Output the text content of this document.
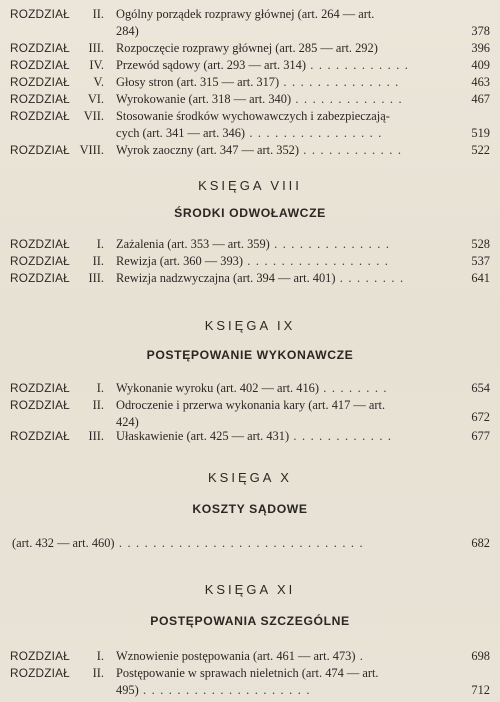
ROZDZIAŁ II. Ogólny porządek rozprawy głównej (art. 264 — art.
284)	378
ROZDZIAŁ III. Rozpoczęcie rozprawy głównej (art. 285 — art. 292)	396
ROZDZIAŁ IV. Przewód sądowy (art. 293 — art. 314) . . . . . . . . . . . .	409
ROZDZIAŁ V. Głosy stron (art. 315 — art. 317) . . . . . . . . . . . . . .	463
ROZDZIAŁ VI. Wyrokowanie (art. 318 — art. 340) . . . . . . . . . . . . .	467
ROZDZIAŁ VII. Stosowanie środków wychowawczych i zabezpieczają-
cych (art. 341 — art. 346) . . . . . . . . . . . . . . . .	519
ROZDZIAŁ VIII. Wyrok zaoczny (art. 347 — art. 352) . . . . . . . . . . . .	522
KSIĘGA VIII
ŚRODKI ODWOŁAWCZE
ROZDZIAŁ I. Zażalenia (art. 353 — art. 359) . . . . . . . . . . . . . .	528
ROZDZIAŁ II. Rewizja (art. 360 — 393) . . . . . . . . . . . . . . . . .	537
ROZDZIAŁ III. Rewizja nadzwyczajna (art. 394 — art. 401) . . . . . . . .	641
KSIĘGA IX
POSTĘPOWANIE WYKONAWCZE
ROZDZIAŁ I. Wykonanie wyroku (art. 402 — art. 416) . . . . . . . .	654
ROZDZIAŁ II. Odroczenie i przerwa wykonania kary (art. 417 — art.
424)	672
ROZDZIAŁ III. Ułaskawienie (art. 425 — art. 431) . . . . . . . . . . . .	677
KSIĘGA X
KOSZTY SĄDOWE
(art. 432 — art. 460) . . . . . . . . . . . . . . . . . . . . . . . . . . . . .	682
KSIĘGA XI
POSTĘPOWANIA SZCZEGÓLNE
ROZDZIAŁ I. Wznowienie postępowania (art. 461 — art. 473) .	698
ROZDZIAŁ II. Postępowanie w sprawach nieletnich (art. 474 — art.
495) . . . . . . . . . . . . . . . . . . . .	712
